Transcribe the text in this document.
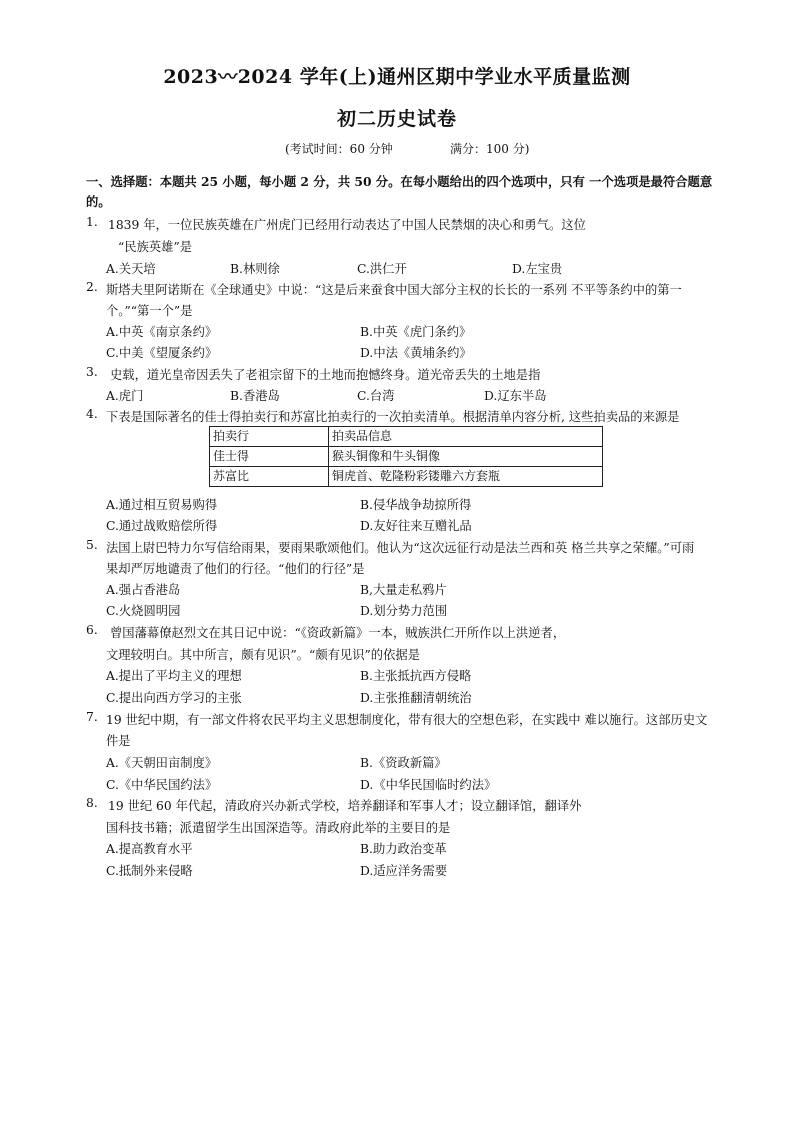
2023〰2024 学年(上)通州区期中学业水平质量监测
初二历史试卷
(考试时间：60 分钟	满分：100 分)
一、选择题：本题共 25 小题，每小题 2 分，共 50 分。在每小题给出的四个选项中，只有 一个选项是最符合题意的。
1. 1839 年，一位民族英雄在广州虎门已经用行动表达了中国人民禁烟的决心和勇气。这位
“民族英雄”是
A.关天培	B.林则徐	C.洪仁开	D.左宝贵
2. 斯塔夫里阿诺斯在《全球通史》中说：“这是后来蚕食中国大部分主权的长长的一系列 不平等条约中的第一
个。”“第一个”是
A.中英《南京条约》	B.中英《虎门条约》
C.中美《望厦条约》	D.中法《黄埔条约》
3. 史载，道光皇帝因丢失了老祖宗留下的土地而抱憾终身。道光帝丢失的土地是指
A.虎门	B.香港岛	C.台湾	D.辽东半岛
4. 下表是国际著名的佳士得拍卖行和苏富比拍卖行的一次拍卖清单。根据清单内容分析, 这些拍卖品的来源是
拍卖行	拍卖品信息
佳士得	猴头铜像和牛头铜像
苏富比	铜虎首、乾隆粉彩镂雕六方套瓶
A.通过相互贸易购得	B.侵华战争劫掠所得
C.通过战败赔偿所得	D.友好往来互赠礼品
5. 法国上尉巴特力尔写信给雨果，要雨果歌颂他们。他认为“这次远征行动是法兰西和英 格兰共享之荣耀。”可雨
果却严厉地谴责了他们的行径。“他们的行径”是
A.强占香港岛	B,大量走私鸦片
C.火烧圆明园	D.划分势力范围
6. 曾国藩幕僚赵烈文在其日记中说：“《资政新篇》一本，贼族洪仁开所作以上洪逆者，
文理较明白。其中所言，颇有见识”。“颇有见识”的依据是
A.提出了平均主义的理想	B.主张抵抗西方侵略
C.提出向西方学习的主张	D.主张推翻清朝统治
7. 19 世纪中期，有一部文件将农民平均主义思想制度化，带有很大的空想色彩，在实践中 难以施行。这部历史文
件是
A.《天朝田亩制度》	B.《资政新篇》
C.《中华民国约法》	D.《中华民国临时约法》
8. 19 世纪 60 年代起，清政府兴办新式学校，培养翻译和军事人才；设立翻译馆，翻译外
国科技书籍；派遣留学生出国深造等。清政府此举的主要目的是
A.提高教育水平	B.助力政治变革
C.抵制外来侵略	D.适应洋务需要
